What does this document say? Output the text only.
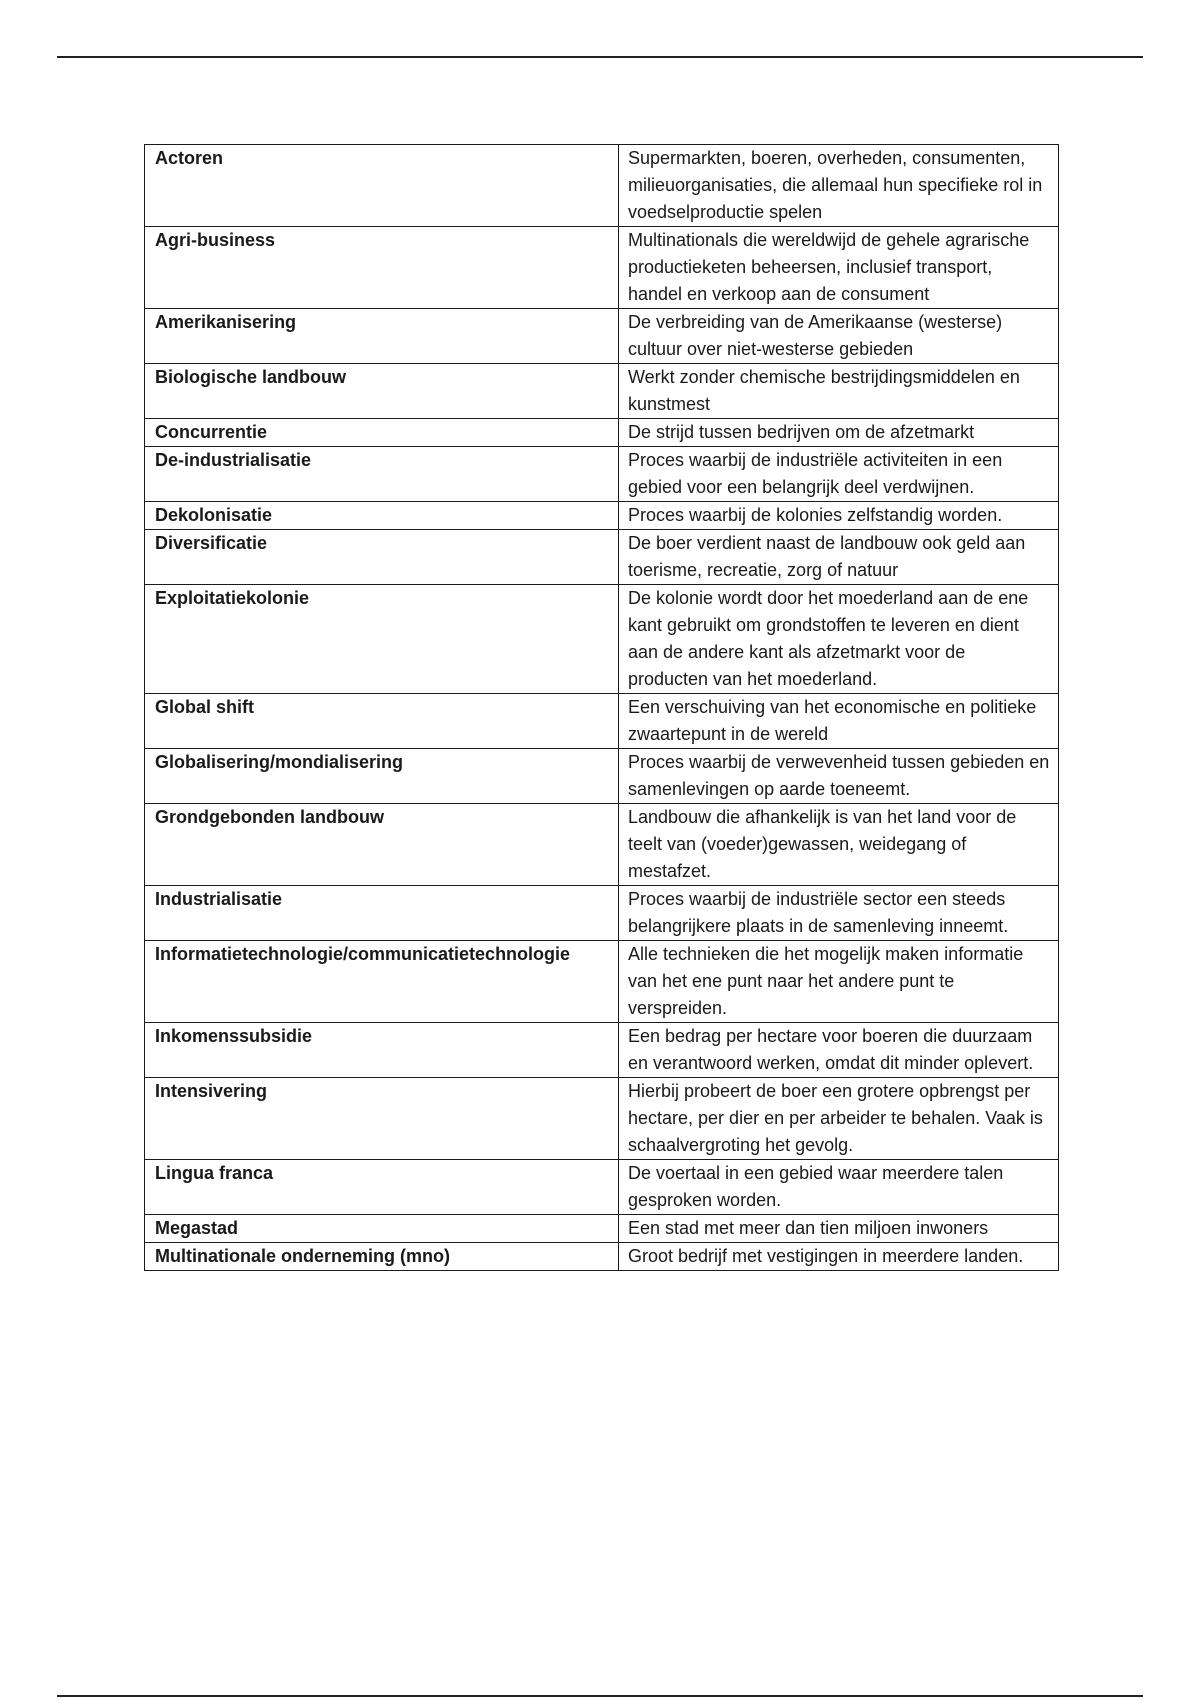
Actoren	Supermarkten, boeren, overheden, consumenten, milieuorganisaties, die allemaal hun specifieke rol in voedselproductie spelen
Agri-business	Multinationals die wereldwijd de gehele agrarische productieketen beheersen, inclusief transport, handel en verkoop aan de consument
Amerikanisering	De verbreiding van de Amerikaanse (westerse) cultuur over niet-westerse gebieden
Biologische landbouw	Werkt zonder chemische bestrijdingsmiddelen en kunstmest
Concurrentie	De strijd tussen bedrijven om de afzetmarkt
De-industrialisatie	Proces waarbij de industriële activiteiten in een gebied voor een belangrijk deel verdwijnen.
Dekolonisatie	Proces waarbij de kolonies zelfstandig worden.
Diversificatie	De boer verdient naast de landbouw ook geld aan toerisme, recreatie, zorg of natuur
Exploitatiekolonie	De kolonie wordt door het moederland aan de ene kant gebruikt om grondstoffen te leveren en dient aan de andere kant als afzetmarkt voor de producten van het moederland.
Global shift	Een verschuiving van het economische en politieke zwaartepunt in de wereld
Globalisering/mondialisering	Proces waarbij de verwevenheid tussen gebieden en samenlevingen op aarde toeneemt.
Grondgebonden landbouw	Landbouw die afhankelijk is van het land voor de teelt van (voeder)gewassen, weidegang of mestafzet.
Industrialisatie	Proces waarbij de industriële sector een steeds belangrijkere plaats in de samenleving inneemt.
Informatietechnologie/communicatietechnologie	Alle technieken die het mogelijk maken informatie van het ene punt naar het andere punt te verspreiden.
Inkomenssubsidie	Een bedrag per hectare voor boeren die duurzaam en verantwoord werken, omdat dit minder oplevert.
Intensivering	Hierbij probeert de boer een grotere opbrengst per hectare, per dier en per arbeider te behalen. Vaak is schaalvergroting het gevolg.
Lingua franca	De voertaal in een gebied waar meerdere talen gesproken worden.
Megastad	Een stad met meer dan tien miljoen inwoners
Multinationale onderneming (mno)	Groot bedrijf met vestigingen in meerdere landen.
